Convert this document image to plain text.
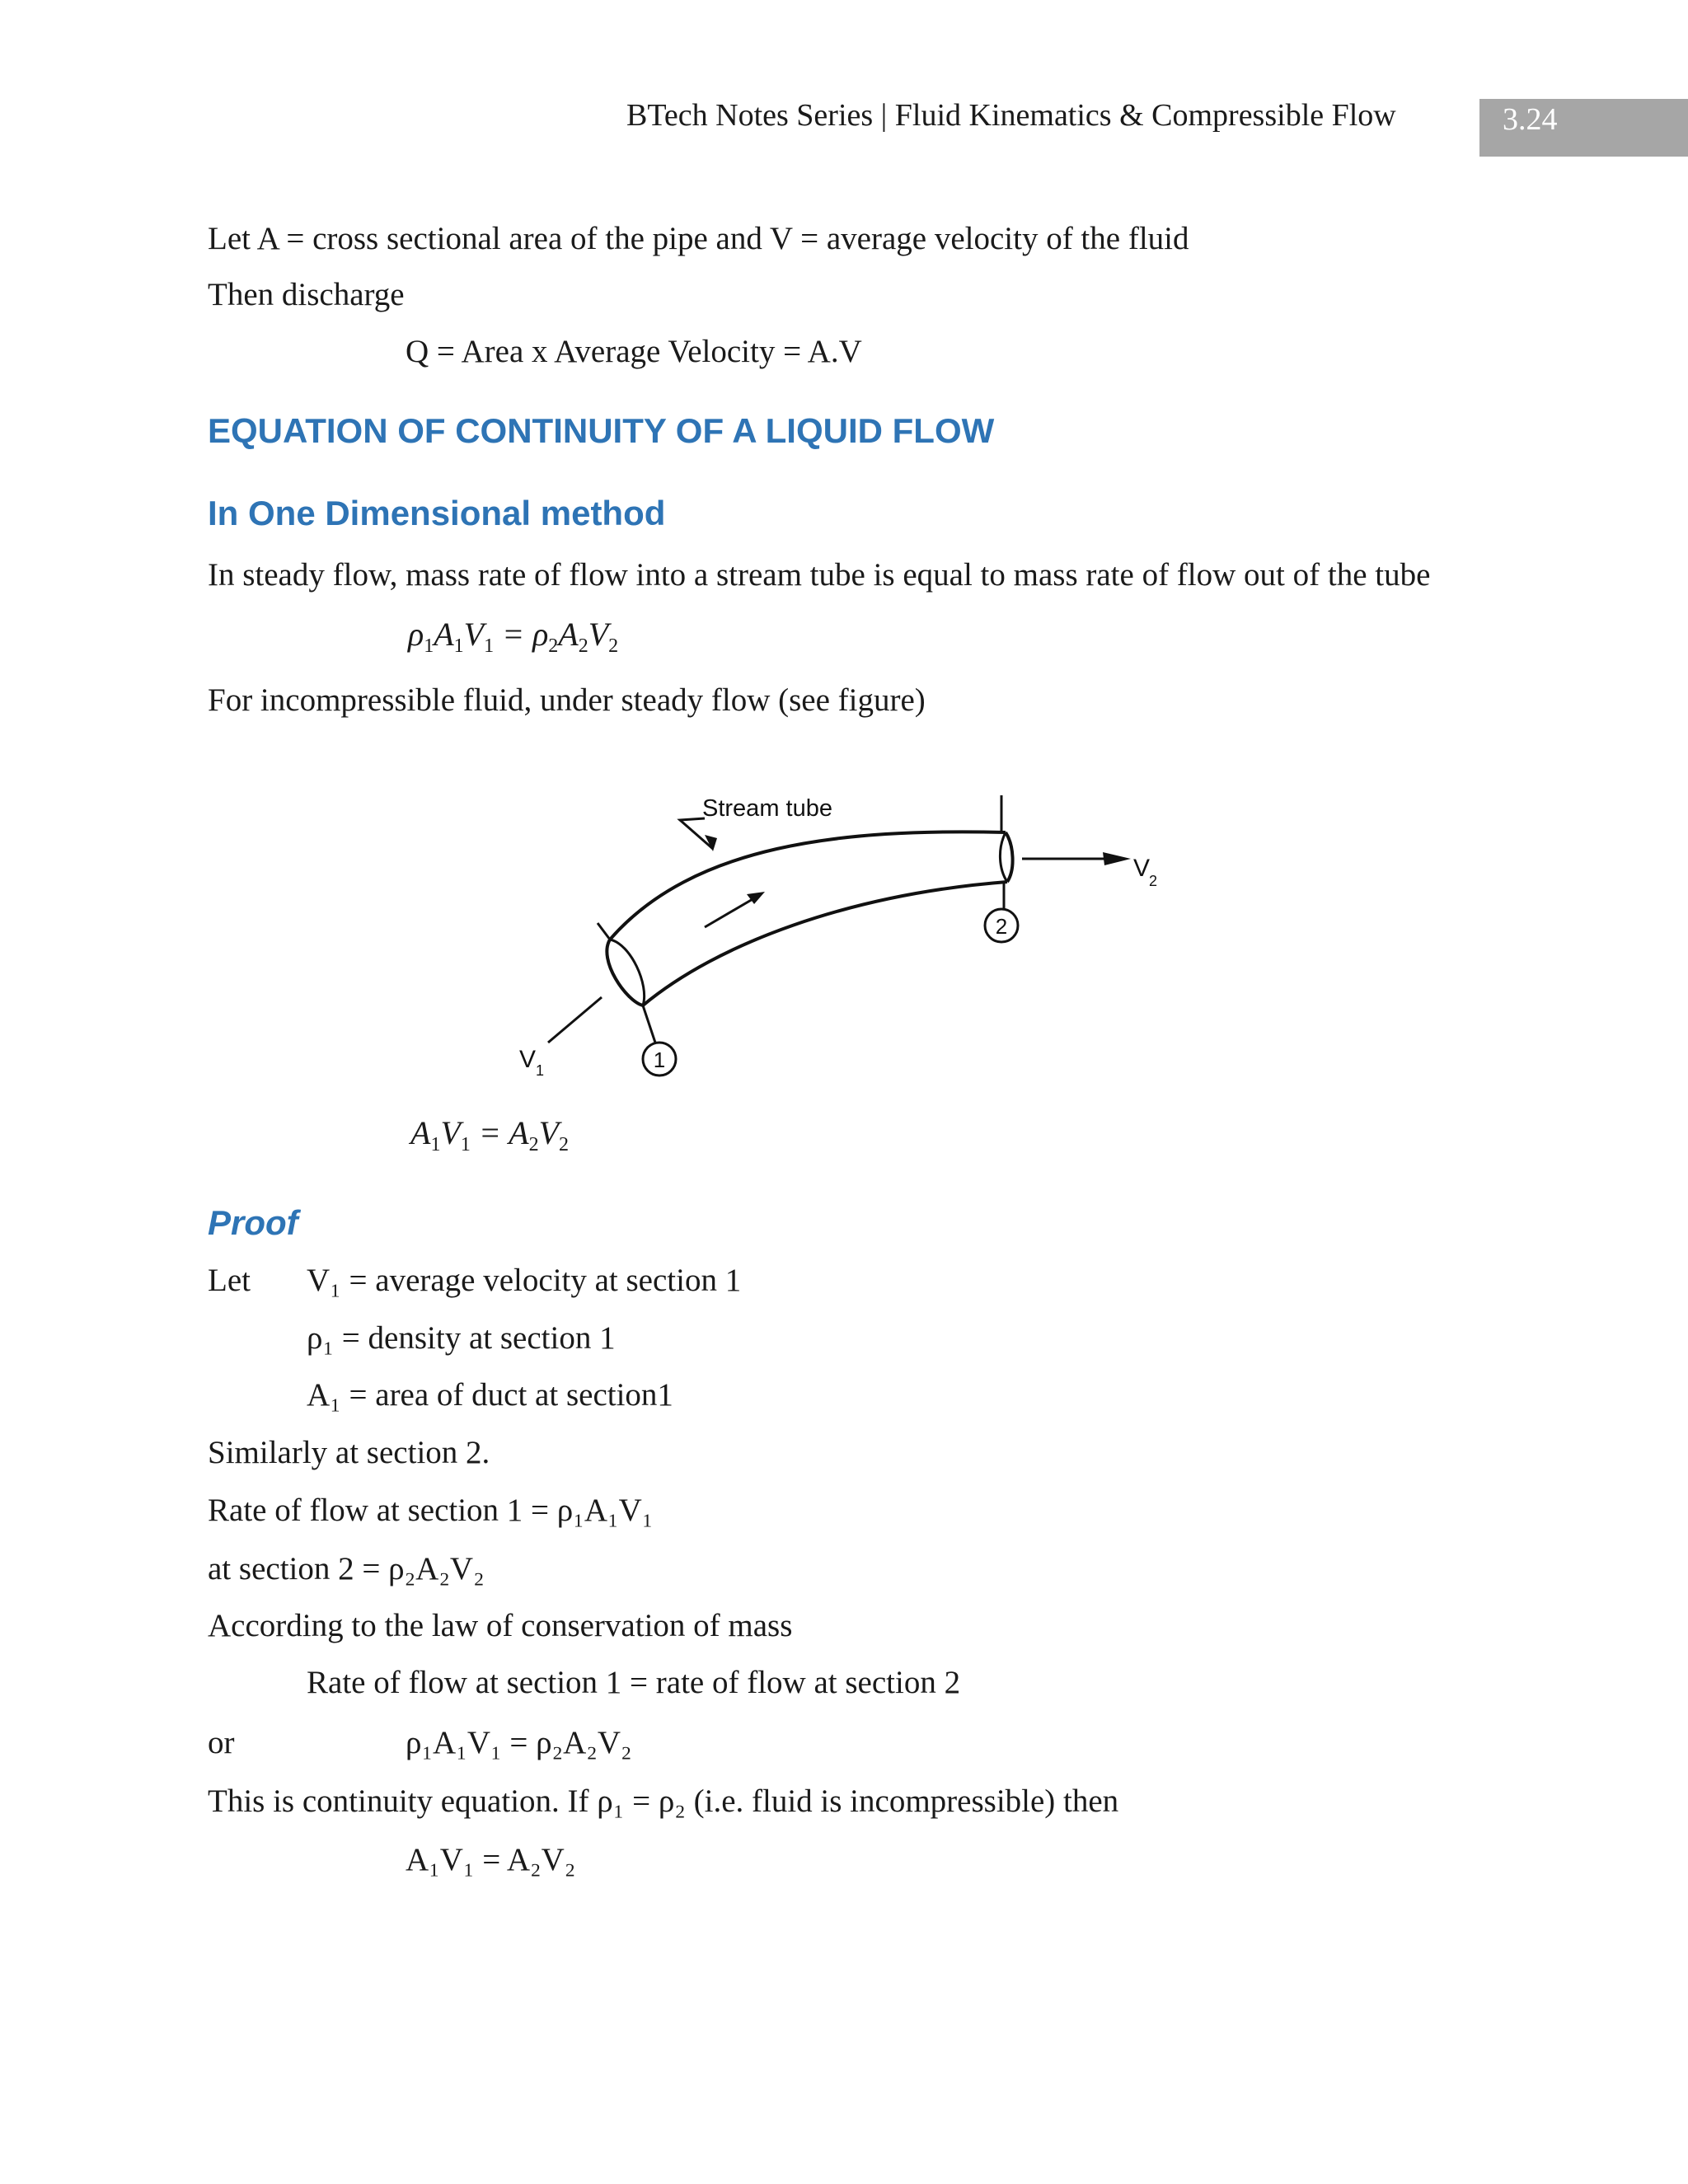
BTech Notes Series | Fluid Kinematics & Compressible Flow	3.24
Let A = cross sectional area of the pipe and V = average velocity of the fluid
Then discharge
Q = Area x Average Velocity = A.V
EQUATION OF CONTINUITY OF A LIQUID FLOW
In One Dimensional method
In steady flow, mass rate of flow into a stream tube is equal to mass rate of flow out of the tube
$\rho_1A_1V_1 = \rho_2A_2V_2$
For incompressible fluid, under steady flow (see figure)
2
1
Stream tube
V
2
V 1
$A_1V_1 = A_2V_2$
Proof
Let V₁ = average velocity at section 1
ρ₁ = density at section 1
A₁ = area of duct at section1
Similarly at section 2.
Rate of flow at section 1 = ρ₁A₁V₁
at section 2 = ρ₂A₂V₂
According to the law of conservation of mass
Rate of flow at section 1 = rate of flow at section 2
or	ρ₁A₁V₁ = ρ₂A₂V₂
This is continuity equation. If ρ₁ = ρ₂ (i.e. fluid is incompressible) then
A₁V₁ = A₂V₂
